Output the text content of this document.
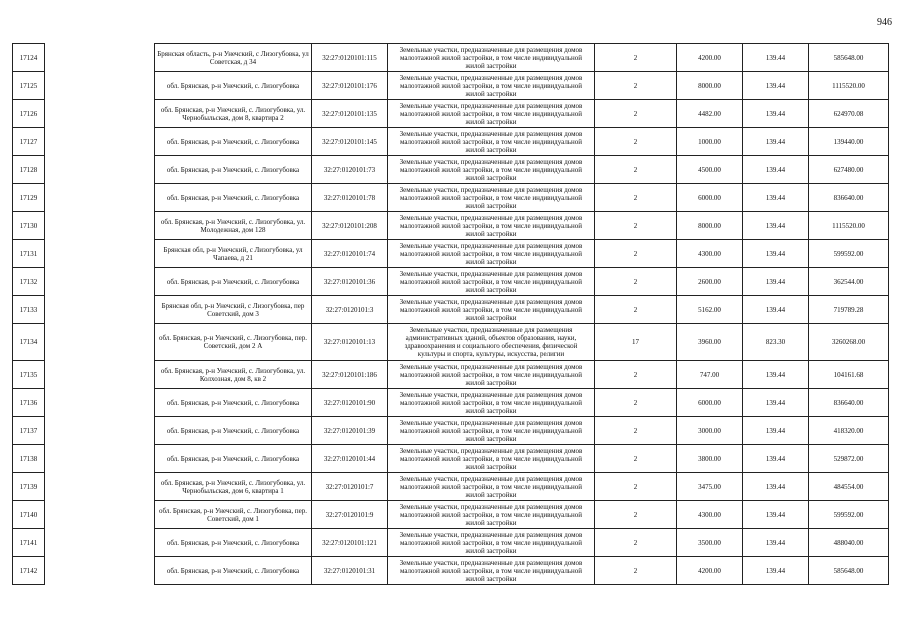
946
17124		Брянская область, р-н Унечский, с Лизогубовка, ул Советская, д 34	32:27:0120101:115	Земельные участки, предназначенные для размещения домов малоэтажной жилой застройки, в том числе индивидуальной жилой застройки	2	4200.00	139.44	585648.00
17125		обл. Брянская, р-н Унечский, с. Лизогубовка	32:27:0120101:176	Земельные участки, предназначенные для размещения домов малоэтажной жилой застройки, в том числе индивидуальной жилой застройки	2	8000.00	139.44	1115520.00
17126		обл. Брянская, р-н Унечский, с. Лизогубовка, ул. Чернобыльская, дом 8, квартира 2	32:27:0120101:135	Земельные участки, предназначенные для размещения домов малоэтажной жилой застройки, в том числе индивидуальной жилой застройки	2	4482.00	139.44	624970.08
17127		обл. Брянская, р-н Унечский, с. Лизогубовка	32:27:0120101:145	Земельные участки, предназначенные для размещения домов малоэтажной жилой застройки, в том числе индивидуальной жилой застройки	2	1000.00	139.44	139440.00
17128		обл. Брянская, р-н Унечский, с. Лизогубовка	32:27:0120101:73	Земельные участки, предназначенные для размещения домов малоэтажной жилой застройки, в том числе индивидуальной жилой застройки	2	4500.00	139.44	627480.00
17129		обл. Брянская, р-н Унечский, с. Лизогубовка	32:27:0120101:78	Земельные участки, предназначенные для размещения домов малоэтажной жилой застройки, в том числе индивидуальной жилой застройки	2	6000.00	139.44	836640.00
17130		обл. Брянская, р-н Унечский, с. Лизогубовка, ул. Молодежная, дом 128	32:27:0120101:208	Земельные участки, предназначенные для размещения домов малоэтажной жилой застройки, в том числе индивидуальной жилой застройки	2	8000.00	139.44	1115520.00
17131		Брянская обл, р-н Унечский, с Лизогубовка, ул Чапаева, д 21	32:27:0120101:74	Земельные участки, предназначенные для размещения домов малоэтажной жилой застройки, в том числе индивидуальной жилой застройки	2	4300.00	139.44	599592.00
17132		обл. Брянская, р-н Унечский, с. Лизогубовка	32:27:0120101:36	Земельные участки, предназначенные для размещения домов малоэтажной жилой застройки, в том числе индивидуальной жилой застройки	2	2600.00	139.44	362544.00
17133		Брянская обл, р-н Унечский, с Лизогубовка, пер Советский, дом 3	32:27:0120101:3	Земельные участки, предназначенные для размещения домов малоэтажной жилой застройки, в том числе индивидуальной жилой застройки	2	5162.00	139.44	719789.28
17134		обл. Брянская, р-н Унечский, с. Лизогубовка, пер. Советский, дом 2 А	32:27:0120101:13	Земельные участки, предназначенные для размещения административных зданий, объектов образования, науки, здравоохранения и социального обеспечения, физической культуры и спорта, культуры, искусства, религии	17	3960.00	823.30	3260268.00
17135		обл. Брянская, р-н Унечский, с. Лизогубовка, ул. Колхозная, дом 8, кв 2	32:27:0120101:186	Земельные участки, предназначенные для размещения домов малоэтажной жилой застройки, в том числе индивидуальной жилой застройки	2	747.00	139.44	104161.68
17136		обл. Брянская, р-н Унечский, с. Лизогубовка	32:27:0120101:90	Земельные участки, предназначенные для размещения домов малоэтажной жилой застройки, в том числе индивидуальной жилой застройки	2	6000.00	139.44	836640.00
17137		обл. Брянская, р-н Унечский, с. Лизогубовка	32:27:0120101:39	Земельные участки, предназначенные для размещения домов малоэтажной жилой застройки, в том числе индивидуальной жилой застройки	2	3000.00	139.44	418320.00
17138		обл. Брянская, р-н Унечский, с. Лизогубовка	32:27:0120101:44	Земельные участки, предназначенные для размещения домов малоэтажной жилой застройки, в том числе индивидуальной жилой застройки	2	3800.00	139.44	529872.00
17139		обл. Брянская, р-н Унечский, с. Лизогубовка, ул. Чернобыльская, дом 6, квартира 1	32:27:0120101:7	Земельные участки, предназначенные для размещения домов малоэтажной жилой застройки, в том числе индивидуальной жилой застройки	2	3475.00	139.44	484554.00
17140		обл. Брянская, р-н Унечский, с. Лизогубовка, пер. Советский, дом 1	32:27:0120101:9	Земельные участки, предназначенные для размещения домов малоэтажной жилой застройки, в том числе индивидуальной жилой застройки	2	4300.00	139.44	599592.00
17141		обл. Брянская, р-н Унечский, с. Лизогубовка	32:27:0120101:121	Земельные участки, предназначенные для размещения домов малоэтажной жилой застройки, в том числе индивидуальной жилой застройки	2	3500.00	139.44	488040.00
17142		обл. Брянская, р-н Унечский, с. Лизогубовка	32:27:0120101:31	Земельные участки, предназначенные для размещения домов малоэтажной жилой застройки, в том числе индивидуальной жилой застройки	2	4200.00	139.44	585648.00
